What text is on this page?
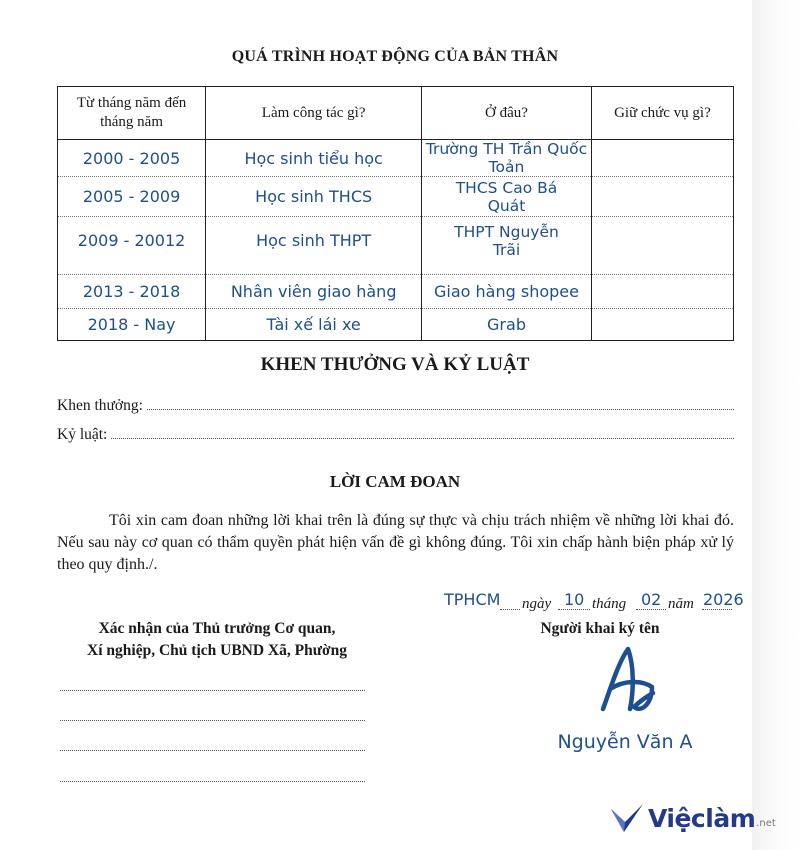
QUÁ TRÌNH HOẠT ĐỘNG CỦA BẢN THÂN
Từ tháng năm đến tháng năm	Làm công tác gì?	Ở đâu?	Giữ chức vụ gì?
2000 - 2005	Học sinh tiểu học	Trường TH Trần Quốc Toản	
2005 - 2009	Học sinh THCS	THCS Cao Bá Quát	
2009 - 20012	Học sinh THPT	THPT Nguyễn Trãi	
2013 - 2018	Nhân viên giao hàng	Giao hàng shopee	
2018 - Nay	Tài xế lái xe	Grab	
KHEN THƯỞNG VÀ KỶ LUẬT
Khen thưởng:
Kỷ luật:
LỜI CAM ĐOAN
Tôi xin cam đoan những lời khai trên là đúng sự thực và chịu trách nhiệm về những lời khai đó. Nếu sau này cơ quan có thẩm quyền phát hiện vấn đề gì không đúng. Tôi xin chấp hành biện pháp xử lý theo quy định./.
TPHCM ngày 10 tháng 02 năm 2026
Người khai ký tên
Nguyễn Văn A
Xác nhận của Thủ trưởng Cơ quan,
Xí nghiệp, Chủ tịch UBND Xã, Phường
Việclàm .net
